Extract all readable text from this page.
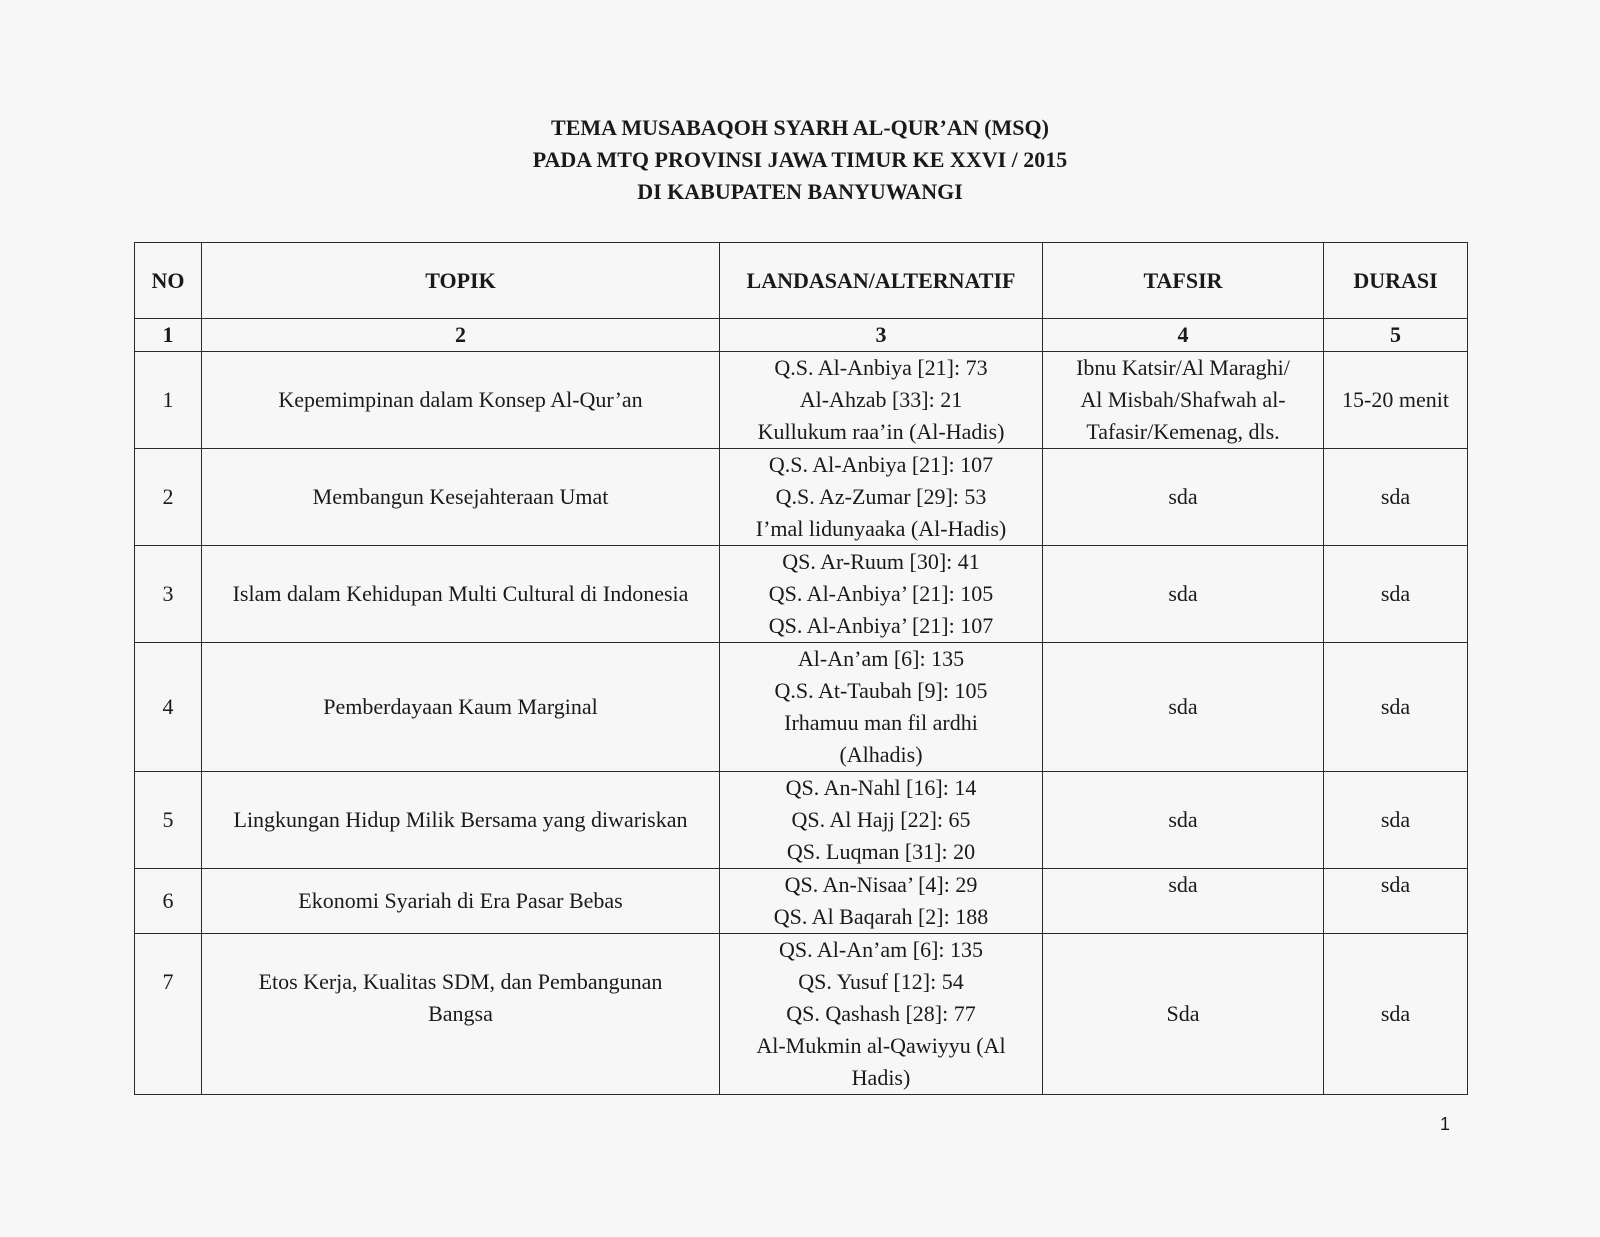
TEMA MUSABAQOH SYARH AL-QUR’AN (MSQ)
PADA MTQ PROVINSI JAWA TIMUR KE XXVI / 2015
DI KABUPATEN BANYUWANGI
NO	TOPIK	LANDASAN/ALTERNATIF	TAFSIR	DURASI
1	2	3	4	5
1	Kepemimpinan dalam Konsep Al-Qur’an	Q.S. Al-Anbiya [21]: 73
Al-Ahzab [33]: 21
Kullukum raa’in (Al-Hadis)	Ibnu Katsir/Al Maraghi/
Al Misbah/Shafwah al-
Tafasir/Kemenag, dls.	15-20 menit
2	Membangun Kesejahteraan Umat	Q.S. Al-Anbiya [21]: 107
Q.S. Az-Zumar [29]: 53
I’mal lidunyaaka (Al-Hadis)	sda	sda
3	Islam dalam Kehidupan Multi Cultural di Indonesia	QS. Ar-Ruum [30]: 41
QS. Al-Anbiya’ [21]: 105
QS. Al-Anbiya’ [21]: 107	sda	sda
4	Pemberdayaan Kaum Marginal	Al-An’am [6]: 135
Q.S. At-Taubah [9]: 105
Irhamuu man fil ardhi
(Alhadis)	sda	sda
5	Lingkungan Hidup Milik Bersama yang diwariskan	QS. An-Nahl [16]: 14
QS. Al Hajj [22]: 65
QS. Luqman [31]: 20	sda	sda
6	Ekonomi Syariah di Era Pasar Bebas	QS. An-Nisaa’ [4]: 29
QS. Al Baqarah [2]: 188	sda	sda
7	Etos Kerja, Kualitas SDM, dan Pembangunan
Bangsa	QS. Al-An’am [6]: 135
QS. Yusuf [12]: 54
QS. Qashash [28]: 77
Al-Mukmin al-Qawiyyu (Al
Hadis)	Sda	sda
1
